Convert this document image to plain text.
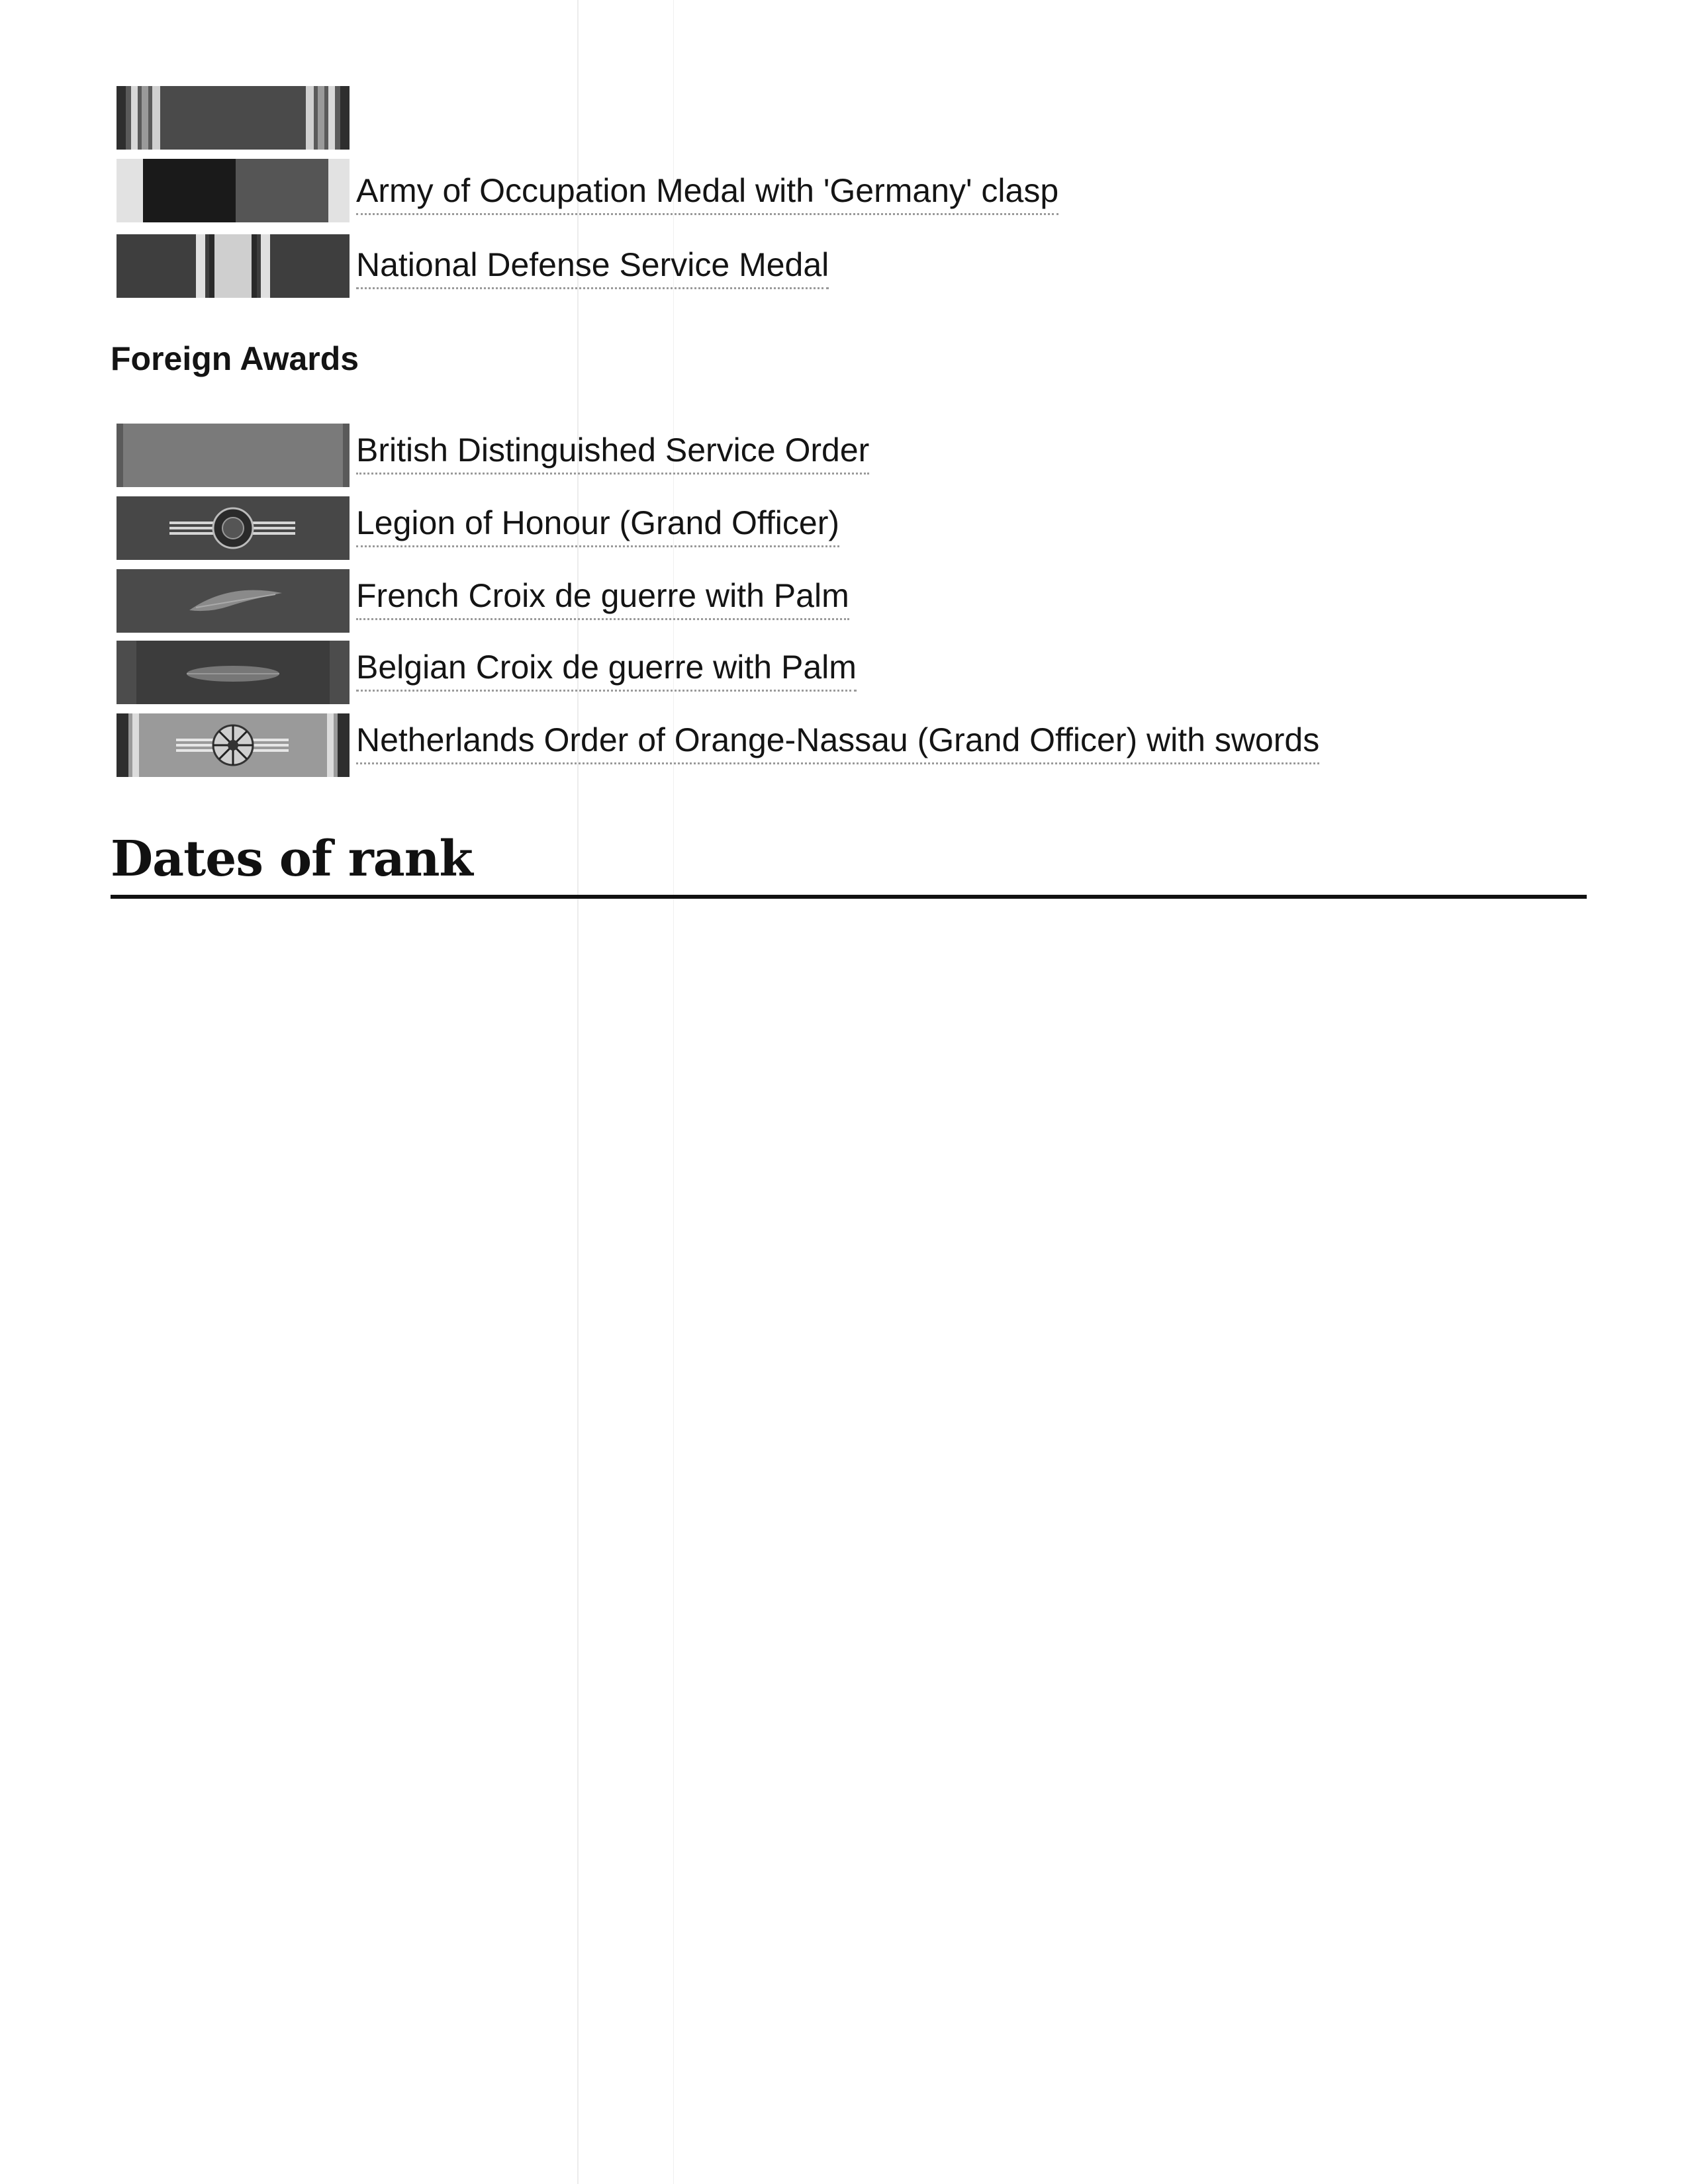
Army of Occupation Medal with 'Germany' clasp
National Defense Service Medal
Foreign Awards
British Distinguished Service Order
Legion of Honour (Grand Officer)
French Croix de guerre with Palm
Belgian Croix de guerre with Palm
Netherlands Order of Orange-Nassau (Grand Officer) with swords
Dates of rank
